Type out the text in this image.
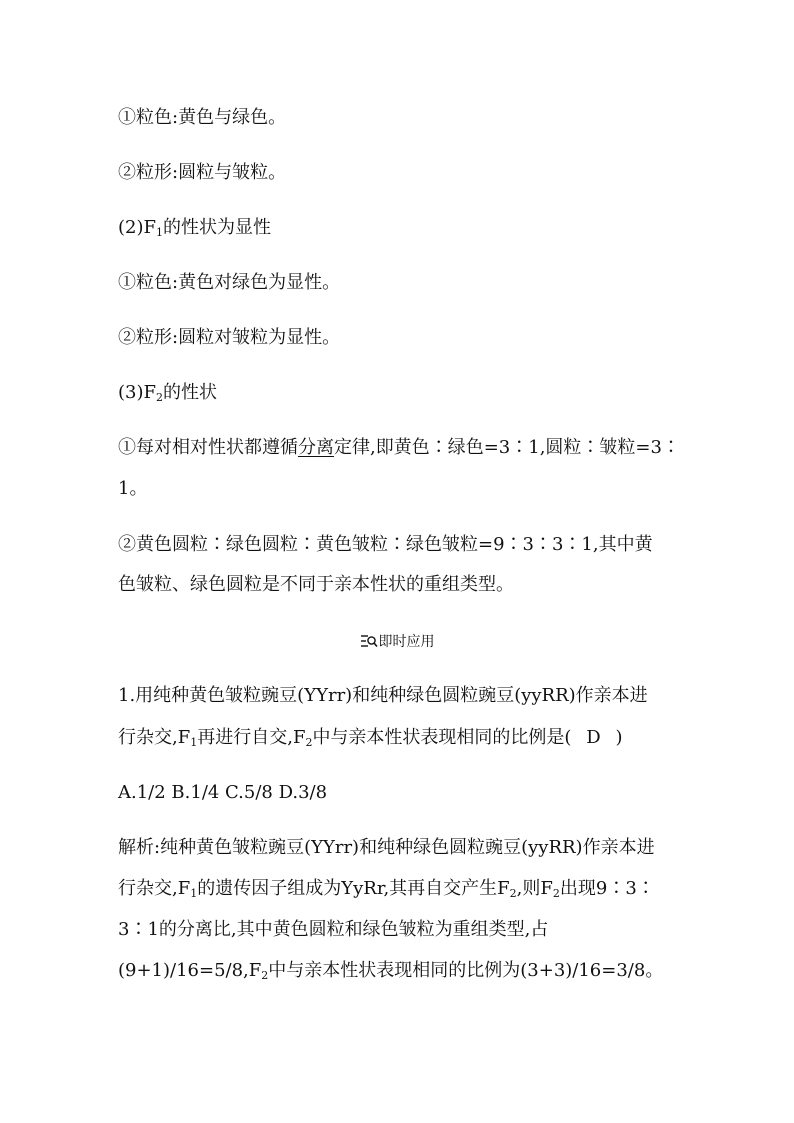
①粒色:黄色与绿色。
②粒形:圆粒与皱粒。
$(2)F_1$的性状为显性
①粒色:黄色对绿色为显性。
②粒形:圆粒对皱粒为显性。
$(3)F_2$的性状
①每对相对性状都遵循分离定律,即黄色∶绿色=3∶1,圆粒∶皱粒=3∶
1。
②黄色圆粒∶绿色圆粒∶黄色皱粒∶绿色皱粒=9∶3∶3∶1,其中黄
色皱粒、绿色圆粒是不同于亲本性状的重组类型。
即时应用
1.用纯种黄色皱粒豌豆(YYrr)和纯种绿色圆粒豌豆(yyRR)作亲本进
行杂交$,F_1$再进行自交$,F_2$中与亲本性状表现相同的比例是( D )
A.1/2 B.1/4 C.5/8 D.3/8
解析:纯种黄色皱粒豌豆(YYrr)和纯种绿色圆粒豌豆(yyRR)作亲本进
行杂交$,F_1$的遗传因子组成为YyRr,其再自交产生$F_2$,则$F_2$出现9∶3∶
3∶1的分离比,其中黄色圆粒和绿色皱粒为重组类型,占
$(9+1)/16=5/8,F_2$中与亲本性状表现相同的比例为(3+3)/16=3/8。
